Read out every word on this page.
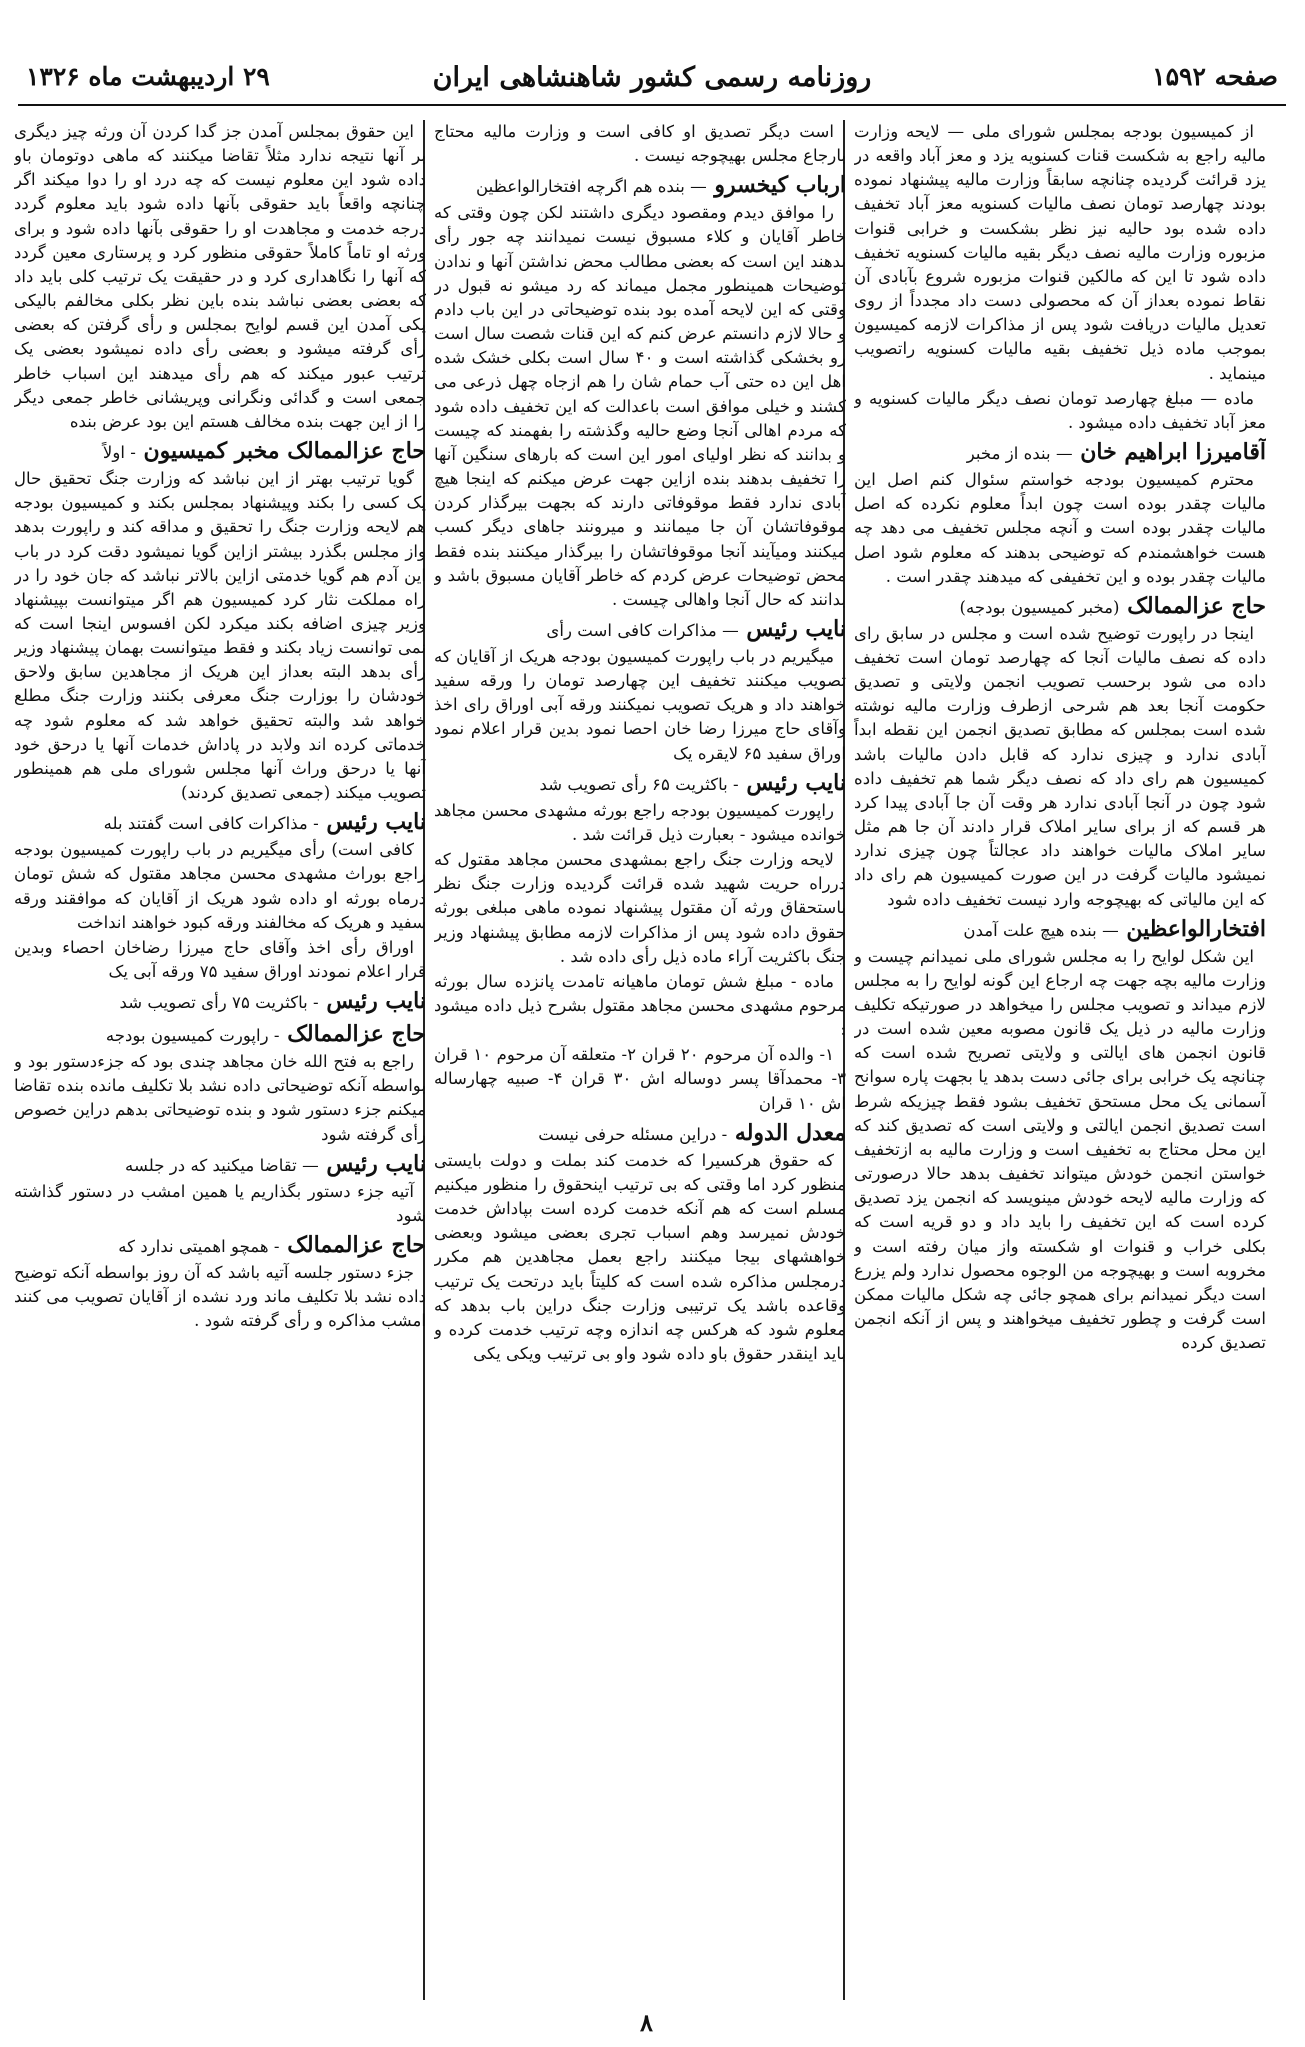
صفحه ۱۵۹۲
روزنامه رسمی کشور شاهنشاهی ایران
۲۹ اردیبهشت ماه ۱۳۲۶

از کمیسیون بودجه بمجلس شورای ملی — لایحه وزارت مالیه راجع به شکست قنات کسنویه یزد و معز آباد واقعه در یزد قرائت گردیده چنانچه سابقاً وزارت مالیه پیشنهاد نموده بودند چهارصد تومان نصف مالیات کسنویه معز آباد تخفیف داده شده بود حالیه نیز نظر بشکست و خرابی قنوات مزبوره وزارت مالیه نصف دیگر بقیه مالیات کسنویه تخفیف داده شود تا این که مالکین قنوات مزبوره شروع بآبادی آن نقاط نموده بعداز آن که محصولی دست داد مجدداً از روی تعدیل مالیات دریافت شود پس از مذاکرات لازمه کمیسیون بموجب ماده ذیل تخفیف بقیه مالیات کسنویه راتصویب مینماید .

ماده — مبلغ چهارصد تومان نصف دیگر مالیات کسنویه و معز آباد تخفیف داده میشود .

آقامیرزا ابراهیم خان — بنده از مخبر

محترم کمیسیون بودجه خواستم سئوال کنم اصل این مالیات چقدر بوده است چون ابداً معلوم نکرده که اصل مالیات چقدر بوده است و آنچه مجلس تخفیف می دهد چه هست خواهشمندم که توضیحی بدهند که معلوم شود اصل مالیات چقدر بوده و این تخفیفی که میدهند چقدر است .

حاج عزالممالک (مخبر کمیسیون بودجه)

اینجا در راپورت توضیح شده است و مجلس در سابق رای داده که نصف مالیات آنجا که چهارصد تومان است تخفیف داده می شود برحسب تصویب انجمن ولایتی و تصدیق حکومت آنجا بعد هم شرحی ازطرف وزارت مالیه نوشته شده است بمجلس که مطابق تصدیق انجمن این نقطه ابداً آبادی ندارد و چیزی ندارد که قابل دادن مالیات باشد کمیسیون هم رای داد که نصف دیگر شما هم تخفیف داده شود چون در آنجا آبادی ندارد هر وقت آن جا آبادی پیدا کرد هر قسم که از برای سایر املاک قرار دادند آن جا هم مثل سایر املاک مالیات خواهند داد عجالتاً چون چیزی ندارد نمیشود مالیات گرفت در این صورت کمیسیون هم رای داد که این مالیاتی که بهیچوجه وارد نیست تخفیف داده شود

افتخارالواعظین — بنده هیچ علت آمدن

این شکل لوایح را به مجلس شورای ملی نمیدانم چیست و وزارت مالیه بچه جهت چه ارجاع این گونه لوایح را به مجلس لازم میداند و تصویب مجلس را میخواهد در صورتیکه تکلیف وزارت مالیه در ذیل یک قانون مصوبه معین شده است در قانون انجمن های ایالتی و ولایتی تصریح شده است که چنانچه یک خرابی برای جائی دست بدهد یا بجهت پاره سوانح آسمانی یک محل مستحق تخفیف بشود فقط چیزیکه شرط است تصدیق انجمن ایالتی و ولایتی است که تصدیق کند که این محل محتاج به تخفیف است و وزارت مالیه به ازتخفیف خواستن انجمن خودش میتواند تخفیف بدهد حالا درصورتی که وزارت مالیه لایحه خودش مینویسد که انجمن یزد تصدیق کرده است که این تخفیف را باید داد و دو قریه است که بکلی خراب و قنوات او شکسته واز میان رفته است و مخروبه است و بهیچوجه من الوجوه محصول ندارد ولم یزرع است دیگر نمیدانم برای همچو جائی چه شکل مالیات ممکن است گرفت و چطور تخفیف میخواهند و پس از آنکه انجمن تصدیق کرده

است دیگر تصدیق او کافی است و وزارت مالیه محتاج بارجاع مجلس بهیچوجه نیست .

ارباب کیخسرو — بنده هم اگرچه افتخارالواعظین

را موافق دیدم ومقصود دیگری داشتند لکن چون وقتی که خاطر آقایان و کلاء مسبوق نیست نمیدانند چه جور رأی بدهند این است که بعضی مطالب محض نداشتن آنها و ندادن توضیحات همینطور مجمل میماند که رد میشو نه قبول در وقتی که این لایحه آمده بود بنده توضیحاتی در این باب دادم و حالا لازم دانستم عرض کنم که این قنات شصت سال است رو بخشکی گذاشته است و ۴۰ سال است بکلی خشک شده اهل این ده حتی آب حمام شان را هم ازجاه چهل ذرعی می کشند و خیلی موافق است باعدالت که این تخفیف داده شود که مردم اهالی آنجا وضع حالیه وگذشته را بفهمند که چیست و بدانند که نظر اولیای امور این است که بارهای سنگین آنها را تخفیف بدهند بنده ازاین جهت عرض میکنم که اینجا هیچ آبادی ندارد فقط موقوفاتی دارند که بجهت بیرگذار کردن موقوفاتشان آن جا میمانند و میرونند جاهای دیگر کسب میکنند ومیآیند آنجا موقوفاتشان را بیرگذار میکنند بنده فقط محض توضیحات عرض کردم که خاطر آقایان مسبوق باشد و بدانند که حال آنجا واهالی چیست .

نایب رئیس — مذاکرات کافی است رأی

میگیریم در باب راپورت کمیسیون بودجه هریک از آقایان که تصویب میکنند تخفیف این چهارصد تومان را ورقه سفید خواهند داد و هریک تصویب نمیکنند ورقه آبی اوراق رای اخذ وآقای حاج میرزا رضا خان احصا نمود بدین قرار اعلام نمود اوراق سفید ۶۵ لایقره یک

نایب رئیس - باکثریت ۶۵ رأی تصویب شد

راپورت کمیسیون بودجه راجع بورثه مشهدی محسن مجاهد خوانده میشود - بعبارت ذیل قرائت شد .

لایحه وزارت جنگ راجع بمشهدی محسن مجاهد مقتول که درراه حریت شهید شده قرائت گردیده وزارت جنگ نظر باستحقاق ورثه آن مقتول پیشنهاد نموده ماهی مبلغی بورثه حقوق داده شود پس از مذاکرات لازمه مطابق پیشنهاد وزیر جنگ باکثریت آراء ماده ذیل رأی داده شد .

ماده - مبلغ شش تومان ماهیانه تامدت پانزده سال بورثه مرحوم مشهدی محسن مجاهد مقتول بشرح ذیل داده میشود :

۱- والده آن مرحوم ۲۰ قران ۲- متعلقه آن مرحوم ۱۰ قران ۳- محمدآقا پسر دوساله اش ۳۰ قران ۴- صبیه چهارساله اش ۱۰ قران

معدل الدوله - دراین مسئله حرفی نیست

که حقوق هرکسیرا که خدمت کند بملت و دولت بایستی منظور کرد اما وقتی که بی ترتیب اینحقوق را منظور میکنیم مسلم است که هم آنکه خدمت کرده است بپاداش خدمت خودش نمیرسد وهم اسباب تجری بعضی میشود وبعضی خواهشهای بیجا میکنند راجع بعمل مجاهدین هم مکرر درمجلس مذاکره شده است که کلیتاً باید درتحت یک ترتیب وقاعده باشد یک ترتیبی وزارت جنگ دراین باب بدهد که معلوم شود که هرکس چه اندازه وچه ترتیب خدمت کرده و باید اینقدر حقوق باو داده شود واو بی ترتیب ویکی یکی

این حقوق بمجلس آمدن جز گدا کردن آن ورثه چیز دیگری بر آنها نتیجه ندارد مثلاً تقاضا میکنند که ماهی دوتومان باو داده شود این معلوم نیست که چه درد او را دوا میکند اگر چنانچه واقعاً باید حقوقی بآنها داده شود باید معلوم گردد درجه خدمت و مجاهدت او را حقوقی بآنها داده شود و برای ورثه او تاماً کاملاً حقوقی منظور کرد و پرستاری معین گردد که آنها را نگاهداری کرد و در حقیقت یک ترتیب کلی باید داد که بعضی بعضی نباشد بنده باین نظر بکلی مخالفم بالیکی یکی آمدن این قسم لوایح بمجلس و رأی گرفتن که بعضی رأی گرفته میشود و بعضی رأی داده نمیشود بعضی یک ترتیب عبور میکند که هم رأی میدهند این اسباب خاطر جمعی است و گدائی ونگرانی وپریشانی خاطر جمعی دیگر را از این جهت بنده مخالف هستم این بود عرض بنده

حاج عزالممالک مخبر کمیسیون - اولاً

گویا ترتیب بهتر از این نباشد که وزارت جنگ تحقیق حال یک کسی را بکند وپیشنهاد بمجلس بکند و کمیسیون بودجه هم لایحه وزارت جنگ را تحقیق و مداقه کند و راپورت بدهد واز مجلس بگذرد بیشتر ازاین گویا نمیشود دقت کرد در باب این آدم هم گویا خدمتی ازاین بالاتر نباشد که جان خود را در راه مملکت نثار کرد کمیسیون هم اگر میتوانست بپیشنهاد وزیر چیزی اضافه بکند میکرد لکن افسوس اینجا است که نمی توانست زیاد بکند و فقط میتوانست بهمان پیشنهاد وزیر رأی بدهد البته بعداز این هریک از مجاهدین سابق ولاحق خودشان را بوزارت جنگ معرفی بکنند وزارت جنگ مطلع خواهد شد والبته تحقیق خواهد شد که معلوم شود چه خدماتی کرده اند ولابد در پاداش خدمات آنها یا درحق خود آنها یا درحق وراث آنها مجلس شورای ملی هم همینطور تصویب میکند (جمعی تصدیق کردند)

نایب رئیس - مذاکرات کافی است گفتند بله

کافی است) رأی میگیریم در باب راپورت کمیسیون بودجه راجع بوراث مشهدی محسن مجاهد مقتول که شش تومان درماه بورثه او داده شود هریک از آقایان که موافقند ورقه سفید و هریک که مخالفند ورقه کبود خواهند انداخت

اوراق رأی اخذ وآقای حاج میرزا رضاخان احصاء وبدین قرار اعلام نمودند اوراق سفید ۷۵ ورقه آبی یک

نایب رئیس - باکثریت ۷۵ رأی تصویب شد
حاج عزالممالک - راپورت کمیسیون بودجه

راجع به فتح الله خان مجاهد چندی بود که جزءدستور بود و بواسطه آنکه توضیحاتی داده نشد بلا تکلیف مانده بنده تقاضا میکنم جزء دستور شود و بنده توضیحاتی بدهم دراین خصوص رأی گرفته شود

نایب رئیس — تقاضا میکنید که در جلسه

آتیه جزء دستور بگذاریم یا همین امشب در دستور گذاشته شود

حاج عزالممالک - همچو اهمیتی ندارد که

جزء دستور جلسه آتیه باشد که آن روز بواسطه آنکه توضیح داده نشد بلا تکلیف ماند ورد نشده از آقایان تصویب می کنند امشب مذاکره و رأی گرفته شود .

۸
